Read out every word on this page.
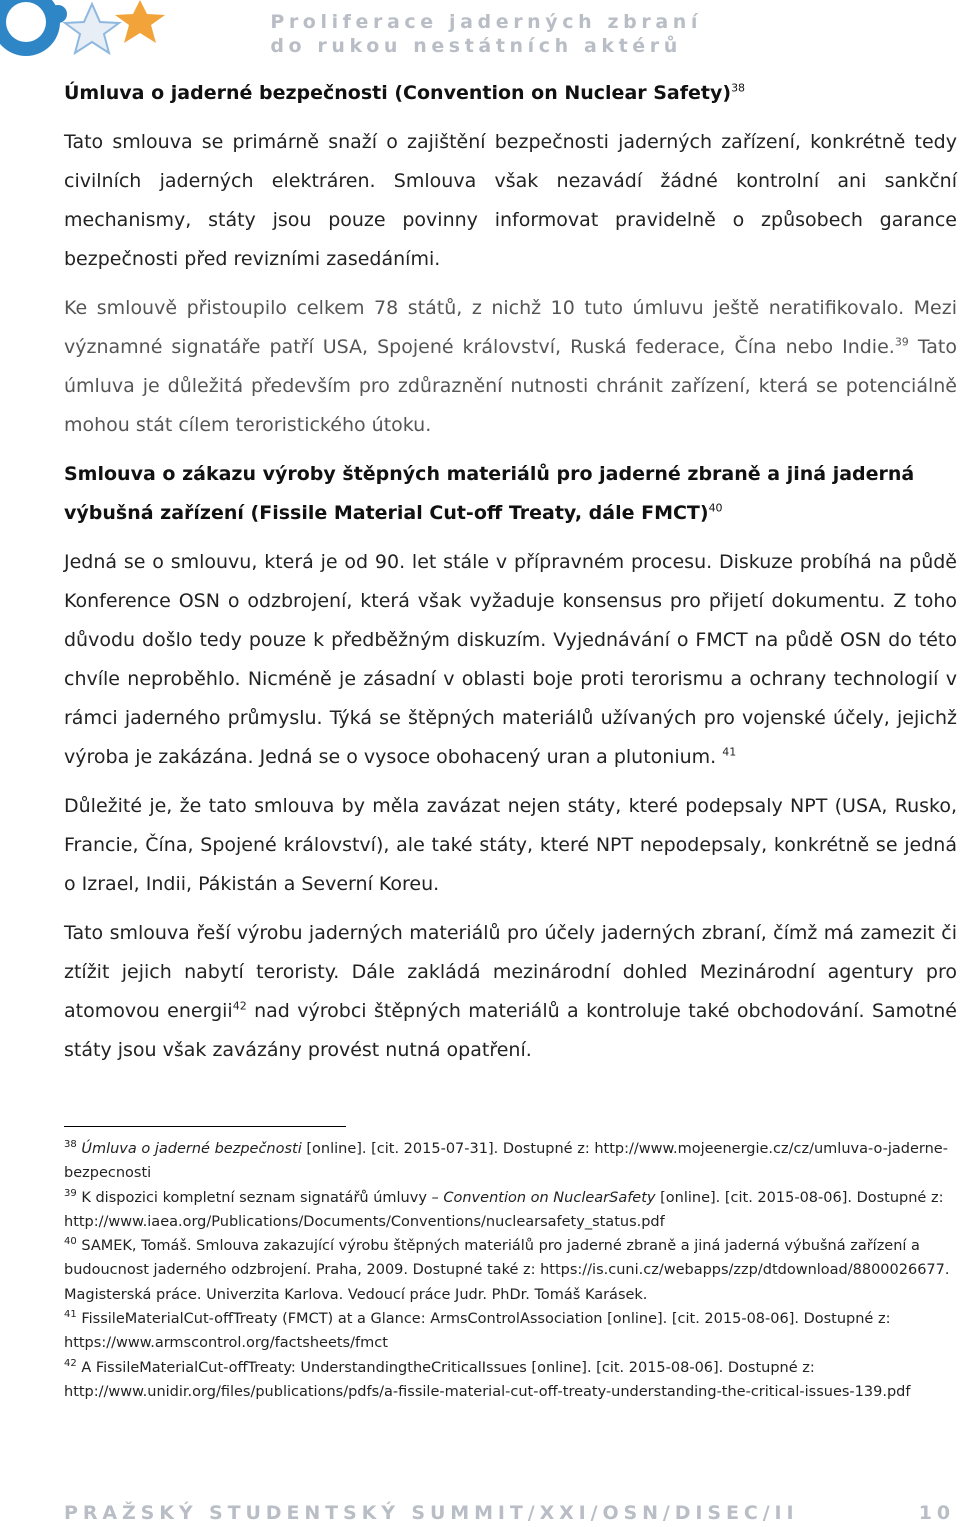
Proliferace jaderných zbraní
do rukou nestátních aktérů

Úmluva o jaderné bezpečnosti (Convention on Nuclear Safety)$^{38}$

Tato smlouva se primárně snaží o zajištění bezpečnosti jaderných zařízení, konkrétně tedy civilních jaderných elektráren. Smlouva však nezavádí žádné kontrolní ani sankční mechanismy, státy jsou pouze povinny informovat pravidelně o způsobech garance bezpečnosti před revizními zasedáními.

Ke smlouvě přistoupilo celkem 78 států, z nichž 10 tuto úmluvu ještě neratifikovalo. Mezi významné signatáře patří USA, Spojené království, Ruská federace, Čína nebo Indie.$^{39}$ Tato úmluva je důležitá především pro zdůraznění nutnosti chránit zařízení, která se potenciálně mohou stát cílem teroristického útoku.

Smlouva o zákazu výroby štěpných materiálů pro jaderné zbraně a jiná jaderná výbušná zařízení (Fissile Material Cut-off Treaty, dále FMCT)$^{40}$

Jedná se o smlouvu, která je od 90. let stále v přípravném procesu. Diskuze probíhá na půdě Konference OSN o odzbrojení, která však vyžaduje konsensus pro přijetí dokumentu. Z toho důvodu došlo tedy pouze k předběžným diskuzím. Vyjednávání o FMCT na půdě OSN do této chvíle neproběhlo. Nicméně je zásadní v oblasti boje proti terorismu a ochrany technologií v rámci jaderného průmyslu. Týká se štěpných materiálů užívaných pro vojenské účely, jejichž výroba je zakázána. Jedná se o vysoce obohacený uran a plutonium. $^{41}$

Důležité je, že tato smlouva by měla zavázat nejen státy, které podepsaly NPT (USA, Rusko, Francie, Čína, Spojené království), ale také státy, které NPT nepodepsaly, konkrétně se jedná o Izrael, Indii, Pákistán a Severní Koreu.

Tato smlouva řeší výrobu jaderných materiálů pro účely jaderných zbraní, čímž má zamezit či ztížit jejich nabytí teroristy. Dále zakládá mezinárodní dohled Mezinárodní agentury pro atomovou energii$^{42}$ nad výrobci štěpných materiálů a kontroluje také obchodování. Samotné státy jsou však zavázány provést nutná opatření.

$^{38}$ Úmluva o jaderné bezpečnosti [online]. [cit. 2015-07-31]. Dostupné z: http://www.mojeenergie.cz/cz/umluva-o-jaderne-bezpecnosti

$^{39}$ K dispozici kompletní seznam signatářů úmluvy – Convention on NuclearSafety [online]. [cit. 2015-08-06]. Dostupné z: http://www.iaea.org/Publications/Documents/Conventions/nuclearsafety_status.pdf

$^{40}$ SAMEK, Tomáš. Smlouva zakazující výrobu štěpných materiálů pro jaderné zbraně a jiná jaderná výbušná zařízení a budoucnost jaderného odzbrojení. Praha, 2009. Dostupné také z: https://is.cuni.cz/webapps/zzp/dtdownload/8800026677. Magisterská práce. Univerzita Karlova. Vedoucí práce Judr. PhDr. Tomáš Karásek.

$^{41}$ FissileMaterialCut-offTreaty (FMCT) at a Glance: ArmsControlAssociation [online]. [cit. 2015-08-06]. Dostupné z: https://www.armscontrol.org/factsheets/fmct

$^{42}$ A FissileMaterialCut-offTreaty: UnderstandingtheCriticalIssues [online]. [cit. 2015-08-06]. Dostupné z: http://www.unidir.org/files/publications/pdfs/a-fissile-material-cut-off-treaty-understanding-the-critical-issues-139.pdf

PRAŽSKÝ STUDENTSKÝ SUMMIT/XXI/OSN/DISEC/II	10
